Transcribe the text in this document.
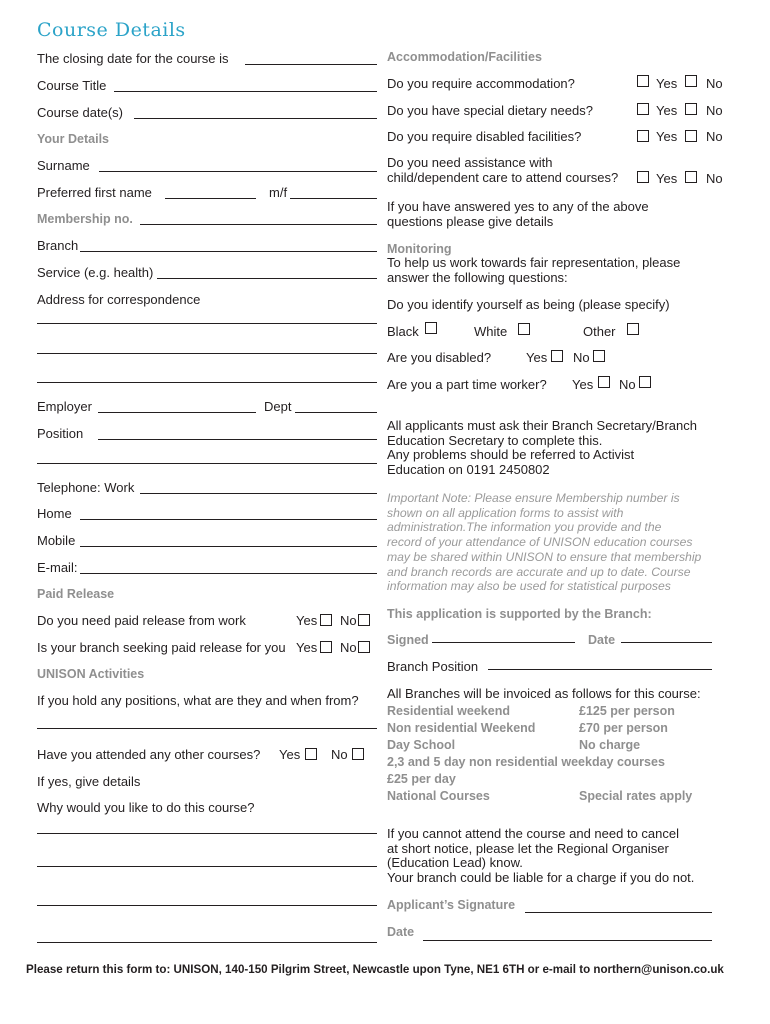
Course Details
The closing date for the course is
Course Title
Course date(s)
Your Details
Surname
Preferred first name	m/f
Membership no.
Branch
Service (e.g. health)
Address for correspondence
Employer	Dept
Position
Telephone: Work
Home
Mobile
E-mail:
Paid Release
Do you need paid release from work	Yes No
Is your branch seeking paid release for you Yes No
UNISON Activities
If you hold any positions, what are they and when from?
Have you attended any other courses? Yes No
If yes, give details
Why would you like to do this course?
Accommodation/Facilities
Do you require accommodation?	Yes No
Do you have special dietary needs?	Yes No
Do you require disabled facilities?	Yes No
Do you need assistance with
child/dependent care to attend courses?	Yes No
If you have answered yes to any of the above
questions please give details
Monitoring
To help us work towards fair representation, please
answer the following questions:
Do you identify yourself as being (please specify)
Black	White	Other
Are you disabled?	Yes No
Are you a part time worker? Yes No
All applicants must ask their Branch Secretary/Branch
Education Secretary to complete this.
Any problems should be referred to Activist
Education on 0191 2450802
Important Note: Please ensure Membership number is
shown on all application forms to assist with
administration.The information you provide and the
record of your attendance of UNISON education courses
may be shared within UNISON to ensure that membership
and branch records are accurate and up to date. Course
information may also be used for statistical purposes
This application is supported by the Branch:
Signed	Date
Branch Position
All Branches will be invoiced as follows for this course:
Residential weekend	£125 per person
Non residential Weekend	£70 per person
Day School	No charge
2,3 and 5 day non residential weekday courses
£25 per day
National Courses	Special rates apply
If you cannot attend the course and need to cancel
at short notice, please let the Regional Organiser
(Education Lead) know.
Your branch could be liable for a charge if you do not.
Applicant’s Signature
Date
Please return this form to: UNISON, 140-150 Pilgrim Street, Newcastle upon Tyne, NE1 6TH or e-mail to northern@unison.co.uk
